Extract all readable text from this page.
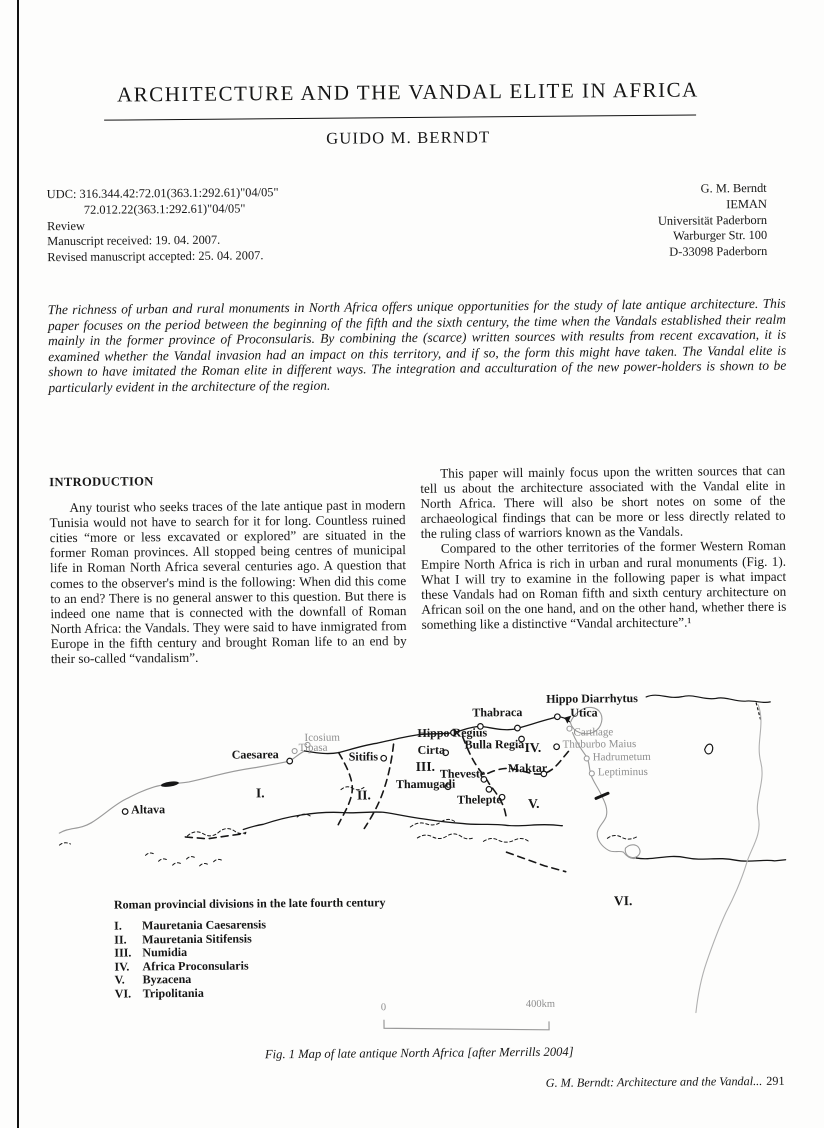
ARCHITECTURE AND THE VANDAL ELITE IN AFRICA
GUIDO M. BERNDT
UDC: 316.344.42:72.01(363.1:292.61)"04/05"
72.012.22(363.1:292.61)"04/05"
Review
Manuscript received: 19. 04. 2007.
Revised manuscript accepted: 25. 04. 2007.
G. M. Berndt
IEMAN
Universität Paderborn
Warburger Str. 100
D-33098 Paderborn
The richness of urban and rural monuments in North Africa offers unique opportunities for the study of late antique architecture. This paper focuses on the period between the beginning of the fifth and the sixth century, the time when the Vandals established their realm mainly in the former province of Proconsularis. By combining the (scarce) written sources with results from recent excavation, it is examined whether the Vandal invasion had an impact on this territory, and if so, the form this might have taken. The Vandal elite is shown to have imitated the Roman elite in different ways. The integration and acculturation of the new power-holders is shown to be particularly evident in the architecture of the region.
INTRODUCTION

Any tourist who seeks traces of the late antique past in modern Tunisia would not have to search for it for long. Countless ruined cities “more or less excavated or explored” are situated in the former Roman provinces. All stopped being centres of municipal life in Roman North Africa several centuries ago. A question that comes to the observer's mind is the following: When did this come to an end? There is no general answer to this question. But there is indeed one name that is connected with the downfall of Roman North Africa: the Vandals. They were said to have inmigrated from Europe in the fifth century and brought Roman life to an end by their so-called “vandalism”.

This paper will mainly focus upon the written sources that can tell us about the architecture associated with the Vandal elite in North Africa. There will also be short notes on some of the archaeological findings that can be more or less directly related to the ruling class of warriors known as the Vandals.

Compared to the other territories of the former Western Roman Empire North Africa is rich in urban and rural monuments (Fig. 1). What I will try to examine in the following paper is what impact these Vandals had on Roman fifth and sixth century architecture on African soil on the one hand, and on the other hand, whether there is something like a distinctive “Vandal architecture”.¹

Hippo Diarrhytus
Utica
Thabraca
Caesarea
Hippo Regius
Cirta Bulla Regia
Sitifis
Maktar
Theveste
Thamugadi
Thelepte
Altava
Icosium
Tipasa
Carthage
Thuburbo Maius
Hadrumetum
Leptiminus
I.	II.
III.
IV.
V.
VI.
Roman provincial divisions in the late fourth century
I.	Mauretania Caesarensis
II.	Mauretania Sitifensis
III. Numidia
IV.	Africa Proconsularis
V.	Byzacena
VI. Tripolitania
0	400km
Fig. 1 Map of late antique North Africa [after Merrills 2004]
G. M. Berndt: Architecture and the Vandal... 291
